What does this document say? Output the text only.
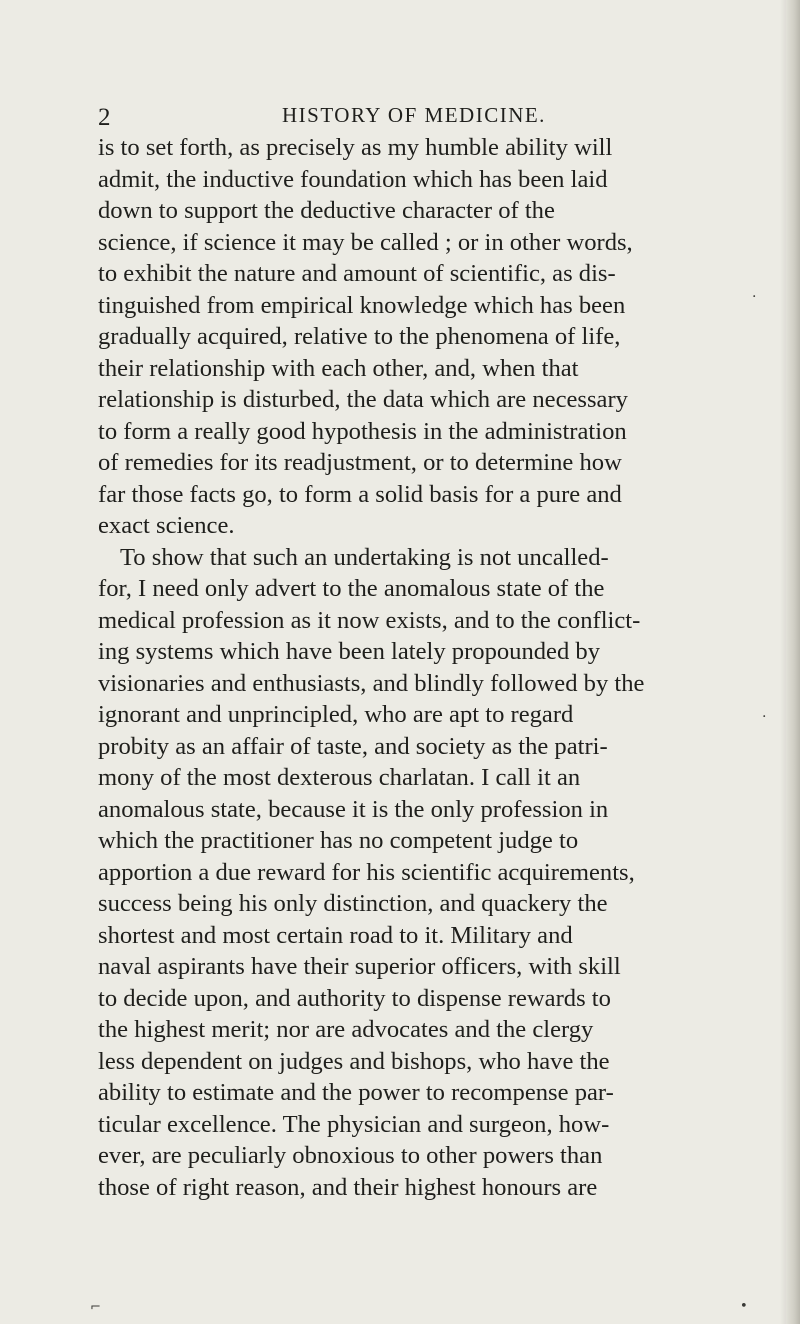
2	HISTORY OF MEDICINE.
is to set forth, as precisely as my humble ability will
admit, the inductive foundation which has been laid
down to support the deductive character of the
science, if science it may be called ; or in other words,
to exhibit the nature and amount of scientific, as dis-
tinguished from empirical knowledge which has been
gradually acquired, relative to the phenomena of life,
their relationship with each other, and, when that
relationship is disturbed, the data which are necessary
to form a really good hypothesis in the administration
of remedies for its readjustment, or to determine how
far those facts go, to form a solid basis for a pure and
exact science.
To show that such an undertaking is not uncalled-
for, I need only advert to the anomalous state of the
medical profession as it now exists, and to the conflict-
ing systems which have been lately propounded by
visionaries and enthusiasts, and blindly followed by the
ignorant and unprincipled, who are apt to regard
probity as an affair of taste, and society as the patri-
mony of the most dexterous charlatan. I call it an
anomalous state, because it is the only profession in
which the practitioner has no competent judge to
apportion a due reward for his scientific acquirements,
success being his only distinction, and quackery the
shortest and most certain road to it. Military and
naval aspirants have their superior officers, with skill
to decide upon, and authority to dispense rewards to
the highest merit; nor are advocates and the clergy
less dependent on judges and bishops, who have the
ability to estimate and the power to recompense par-
ticular excellence. The physician and surgeon, how-
ever, are peculiarly obnoxious to other powers than
those of right reason, and their highest honours are
·
.
⌐	•
